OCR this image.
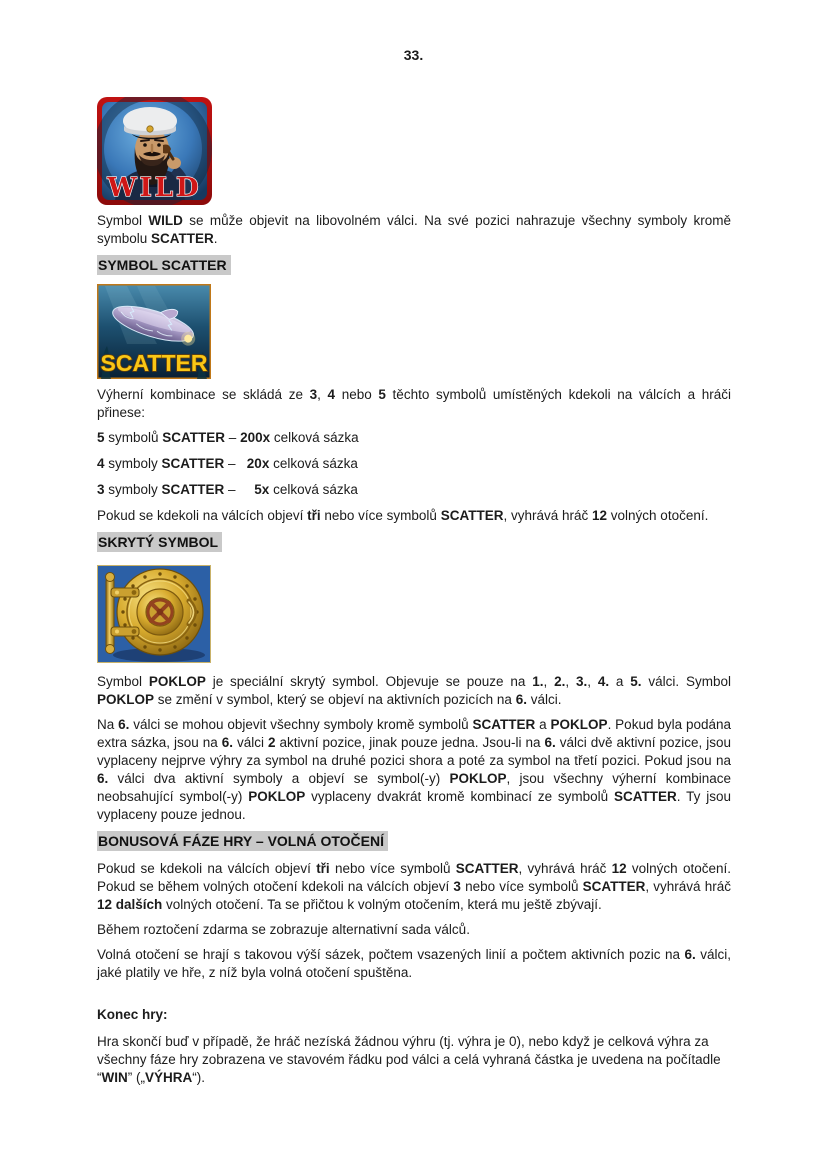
33.
WILD

Symbol WILD se může objevit na libovolném válci. Na své pozici nahrazuje všechny symboly kromě symbolu SCATTER.

SYMBOL SCATTER
SCATTER

Výherní kombinace se skládá ze 3, 4 nebo 5 těchto symbolů umístěných kdekoli na válcích a hráči přinese:

5 symbolů SCATTER – 200x celková sázka

4 symboly SCATTER –   20x celková sázka

3 symboly SCATTER –     5x celková sázka

Pokud se kdekoli na válcích objeví tři nebo více symbolů SCATTER, vyhrává hráč 12 volných otočení.

SKRYTÝ SYMBOL

Symbol POKLOP je speciální skrytý symbol. Objevuje se pouze na 1., 2., 3., 4. a 5. válci. Symbol POKLOP se změní v symbol, který se objeví na aktivních pozicích na 6. válci.

Na 6. válci se mohou objevit všechny symboly kromě symbolů SCATTER a POKLOP. Pokud byla podána extra sázka, jsou na 6. válci 2 aktivní pozice, jinak pouze jedna. Jsou-li na 6. válci dvě aktivní pozice, jsou vyplaceny nejprve výhry za symbol na druhé pozici shora a poté za symbol na třetí pozici. Pokud jsou na 6. válci dva aktivní symboly a objeví se symbol(-y) POKLOP, jsou všechny výherní kombinace neobsahující symbol(-y) POKLOP vyplaceny dvakrát kromě kombinací ze symbolů SCATTER. Ty jsou vyplaceny pouze jednou.

BONUSOVÁ FÁZE HRY – VOLNÁ OTOČENÍ

Pokud se kdekoli na válcích objeví tři nebo více symbolů SCATTER, vyhrává hráč 12 volných otočení. Pokud se během volných otočení kdekoli na válcích objeví 3 nebo více symbolů SCATTER, vyhrává hráč 12 dalších volných otočení. Ta se přičtou k volným otočením, která mu ještě zbývají.

Během roztočení zdarma se zobrazuje alternativní sada válců.

Volná otočení se hrají s takovou výší sázek, počtem vsazených linií a počtem aktivních pozic na 6. válci, jaké platily ve hře, z níž byla volná otočení spuštěna.

Konec hry:

Hra skončí buď v případě, že hráč nezíská žádnou výhru (tj. výhra je 0), nebo když je celková výhra za všechny fáze hry zobrazena ve stavovém řádku pod válci a celá vyhraná částka je uvedena na počítadle “WIN” („VÝHRA“).
